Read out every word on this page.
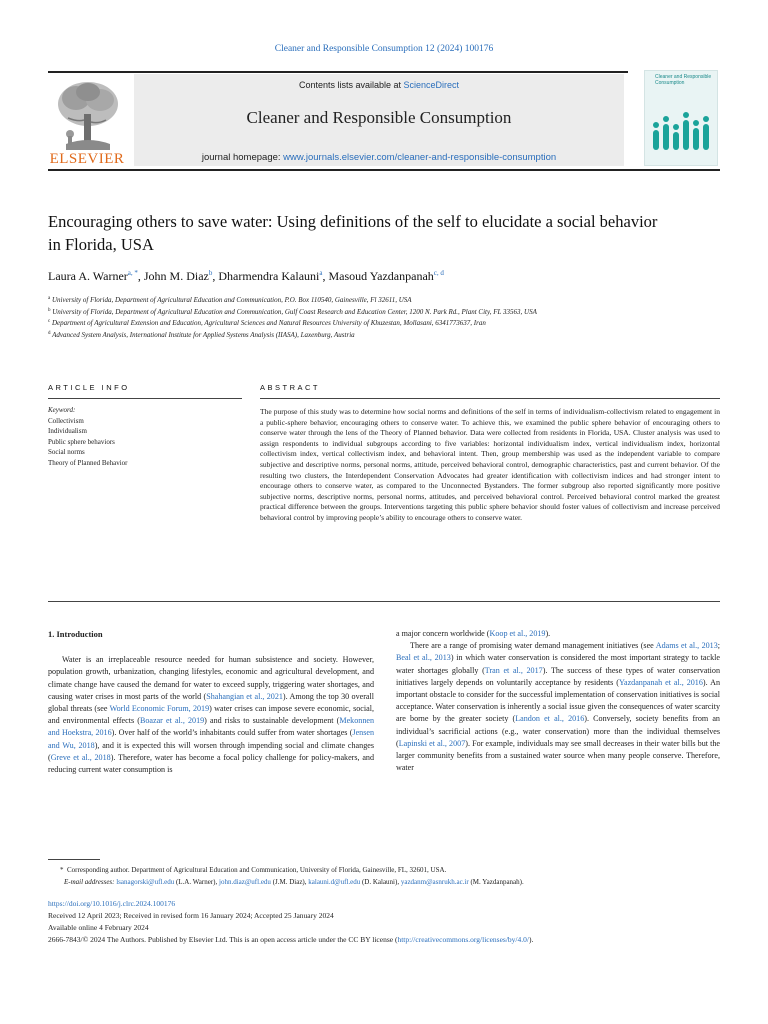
Cleaner and Responsible Consumption 12 (2024) 100176
ELSEVIER
Contents lists available at ScienceDirect
Cleaner and Responsible Consumption
journal homepage: www.journals.elsevier.com/cleaner-and-responsible-consumption
Cleaner and Responsible Consumption
Encouraging others to save water: Using definitions of the self to elucidate a social behavior in Florida, USA
Laura A. Warner$^{a, *}$, John M. Diaz$^b$, Dharmendra Kalauni$^a$, Masoud Yazdanpanah$^{c, d}$
$^a$ University of Florida, Department of Agricultural Education and Communication, P.O. Box 110540, Gainesville, Fl 32611, USA
$^b$ University of Florida, Department of Agricultural Education and Communication, Gulf Coast Research and Education Center, 1200 N. Park Rd., Plant City, FL 33563, USA
$^c$ Department of Agricultural Extension and Education, Agricultural Sciences and Natural Resources University of Khuzestan, Mollasani, 6341773637, Iran
$^d$ Advanced System Analysis, International Institute for Applied Systems Analysis (IIASA), Laxenburg, Austria
ARTICLE INFO	ABSTRACT
Keyword:
Collectivism
Individualism
Public sphere behaviors
Social norms
Theory of Planned Behavior
The purpose of this study was to determine how social norms and definitions of the self in terms of individualism-collectivism related to engagement in a public-sphere behavior, encouraging others to conserve water. To achieve this, we examined the public sphere behavior of encouraging others to conserve water through the lens of the Theory of Planned behavior. Data were collected from residents in Florida, USA. Cluster analysis was used to assign respondents to individual subgroups according to five variables: horizontal individualism index, vertical individualism index, horizontal collectivism index, vertical collectivism index, and behavioral intent. Then, group membership was used as the independent variable to compare subjective and descriptive norms, personal norms, attitude, perceived behavioral control, demographic characteristics, past and current behavior. Of the resulting two clusters, the Interdependent Conservation Advocates had greater identification with collectivism indices and had stronger intent to encourage others to conserve water, as compared to the Unconnected Bystanders. The former subgroup also reported significantly more positive subjective norms, descriptive norms, personal norms, attitudes, and perceived behavioral control. Perceived behavioral control marked the greatest practical difference between the groups. Interventions targeting this public sphere behavior should foster values of collectivism and increase perceived behavioral control by improving people’s ability to encourage others to conserve water.
1. Introduction

Water is an irreplaceable resource needed for human subsistence and society. However, population growth, urbanization, changing lifestyles, economic and agricultural development, and climate change have caused the demand for water to exceed supply, triggering water shortages, and causing water crises in most parts of the world (Shahangian et al., 2021). Among the top 30 overall global threats (see World Economic Forum, 2019) water crises can impose severe economic, social, and environmental effects (Boazar et al., 2019) and risks to sustainable development (Mekonnen and Hoekstra, 2016). Over half of the world’s inhabitants could suffer from water shortages (Jensen and Wu, 2018), and it is expected this will worsen through impending social and climate changes (Greve et al., 2018). Therefore, water has become a focal policy challenge for policy-makers, and reducing current water consumption is

a major concern worldwide (Koop et al., 2019).

There are a range of promising water demand management initiatives (see Adams et al., 2013; Beal et al., 2013) in which water conservation is considered the most important strategy to tackle water shortages globally (Tran et al., 2017). The success of these types of water conservation initiatives largely depends on voluntarily acceptance by residents (Yazdanpanah et al., 2016). An important obstacle to consider for the successful implementation of conservation initiatives is social acceptance. Water conservation is inherently a social issue given the consequences of water scarcity are borne by the greater society (Landon et al., 2016). Conversely, society benefits from an individual’s sacrificial actions (e.g., water conservation) more than the individual themselves (Lapinski et al., 2007). For example, individuals may see small decreases in their water bills but the larger community benefits from a sustained water source when many people conserve. Therefore, water

*  Corresponding author. Department of Agricultural Education and Communication, University of Florida, Gainesville, FL, 32601, USA.
E-mail addresses: lsanagorski@ufl.edu (L.A. Warner), john.diaz@ufl.edu (J.M. Diaz), kalauni.d@ufl.edu (D. Kalauni), yazdanm@asnrukh.ac.ir (M. Yazdanpanah).
https://doi.org/10.1016/j.clrc.2024.100176
Received 12 April 2023; Received in revised form 16 January 2024; Accepted 25 January 2024
Available online 4 February 2024
2666-7843/© 2024 The Authors. Published by Elsevier Ltd. This is an open access article under the CC BY license (http://creativecommons.org/licenses/by/4.0/).
